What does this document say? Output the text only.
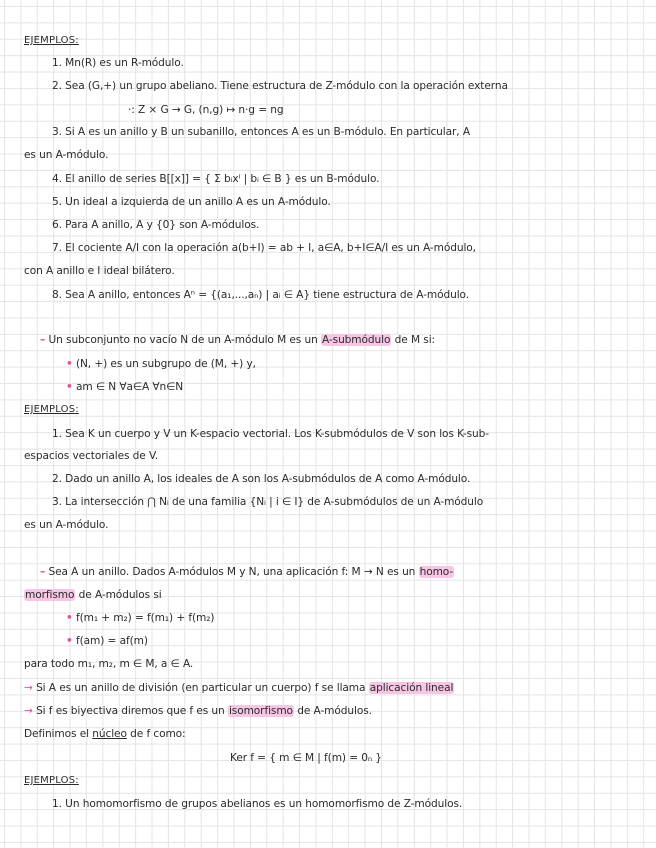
EJEMPLOS:
1. Mn(R) es un R-módulo.
2. Sea (G,+) un grupo abeliano. Tiene estructura de Z-módulo con la operación externa
·: Z × G → G, (n,g) ↦ n·g = ng
3. Si A es un anillo y B un subanillo, entonces A es un B-módulo. En particular, A
es un A-módulo.
4. El anillo de series B[[x]] = { Σ bᵢxⁱ | bᵢ ∈ B } es un B-módulo.
5. Un ideal a izquierda de un anillo A es un A-módulo.
6. Para A anillo, A y {0} son A-módulos.
7. El cociente A/I con la operación a(b+I) = ab + I, a∈A, b+I∈A/I es un A-módulo,
con A anillo e I ideal bilátero.
8. Sea A anillo, entonces Aⁿ = {(a₁,...,aₙ) | aᵢ ∈ A} tiene estructura de A-módulo.
– Un subconjunto no vacío N de un A-módulo M es un A-submódulo de M si:
• (N, +) es un subgrupo de (M, +) y,
• am ∈ N ∀a∈A ∀n∈N
EJEMPLOS:
1. Sea K un cuerpo y V un K-espacio vectorial. Los K-submódulos de V son los K-sub-
espacios vectoriales de V.
2. Dado un anillo A, los ideales de A son los A-submódulos de A como A-módulo.
3. La intersección ⋂ Nᵢ de una familia {Nᵢ | i ∈ I} de A-submódulos de un A-módulo
es un A-módulo.
– Sea A un anillo. Dados A-módulos M y N, una aplicación f: M → N es un homo-
morfismo de A-módulos si
• f(m₁ + m₂) = f(m₁) + f(m₂)
• f(am) = af(m)
para todo m₁, m₂, m ∈ M, a ∈ A.
→ Si A es un anillo de división (en particular un cuerpo) f se llama aplicación lineal
→ Si f es biyectiva diremos que f es un isomorfismo de A-módulos.
Definimos el núcleo de f como:
Ker f = { m ∈ M | f(m) = 0ₙ }
EJEMPLOS:
1. Un homomorfismo de grupos abelianos es un homomorfismo de Z-módulos.
